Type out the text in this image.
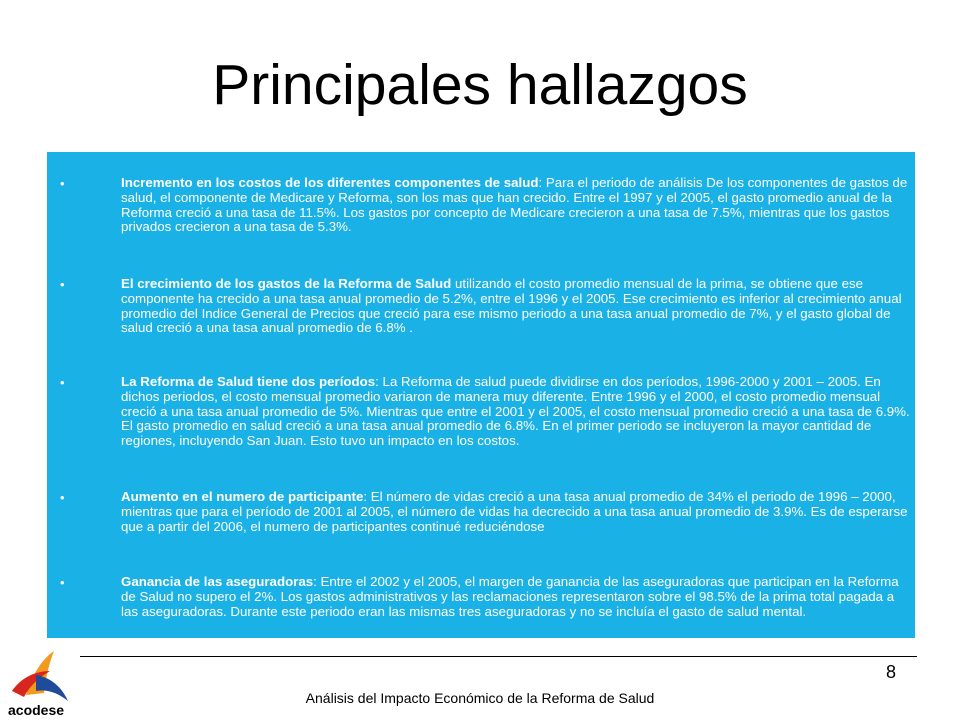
Principales hallazgos
•	Incremento en los costos de los diferentes componentes de salud: Para el periodo de análisis De los componentes de gastos de salud, el componente de Medicare y Reforma, son los mas que han crecido. Entre el 1997 y el 2005, el gasto promedio anual de la Reforma creció a una tasa de 11.5%. Los gastos por concepto de Medicare crecieron a una tasa de 7.5%, mientras que los gastos privados crecieron a una tasa de 5.3%.
•	El crecimiento de los gastos de la Reforma de Salud utilizando el costo promedio mensual de la prima, se obtiene que ese componente ha crecido a una tasa anual promedio de 5.2%, entre el 1996 y el 2005. Ese crecimiento es inferior al crecimiento anual promedio del Indice General de Precios que creció para ese mismo periodo a una tasa anual promedio de 7%, y el gasto global de salud creció a una tasa anual promedio de 6.8% .
•	La Reforma de Salud tiene dos períodos: La Reforma de salud puede dividirse en dos períodos, 1996-2000 y 2001 – 2005. En dichos periodos, el costo mensual promedio variaron de manera muy diferente. Entre 1996 y el 2000, el costo promedio mensual creció a una tasa anual promedio de 5%. Mientras que entre el 2001 y el 2005, el costo mensual promedio creció a una tasa de 6.9%. El gasto promedio en salud creció a una tasa anual promedio de 6.8%. En el primer periodo se incluyeron la mayor cantidad de regiones, incluyendo San Juan. Esto tuvo un impacto en los costos.
•	Aumento en el numero de participante: El número de vidas creció a una tasa anual promedio de 34% el periodo de 1996 – 2000, mientras que para el período de 2001 al 2005, el número de vidas ha decrecido a una tasa anual promedio de 3.9%. Es de esperarse que a partir del 2006, el numero de participantes continué reduciéndose
•	Ganancia de las aseguradoras: Entre el 2002 y el 2005, el margen de ganancia de las aseguradoras que participan en la Reforma de Salud no supero el 2%. Los gastos administrativos y las reclamaciones representaron sobre el 98.5% de la prima total pagada a las aseguradoras. Durante este periodo eran las mismas tres aseguradoras y no se incluía el gasto de salud mental.
8
Análisis del Impacto Económico de la Reforma de Salud
acodese
